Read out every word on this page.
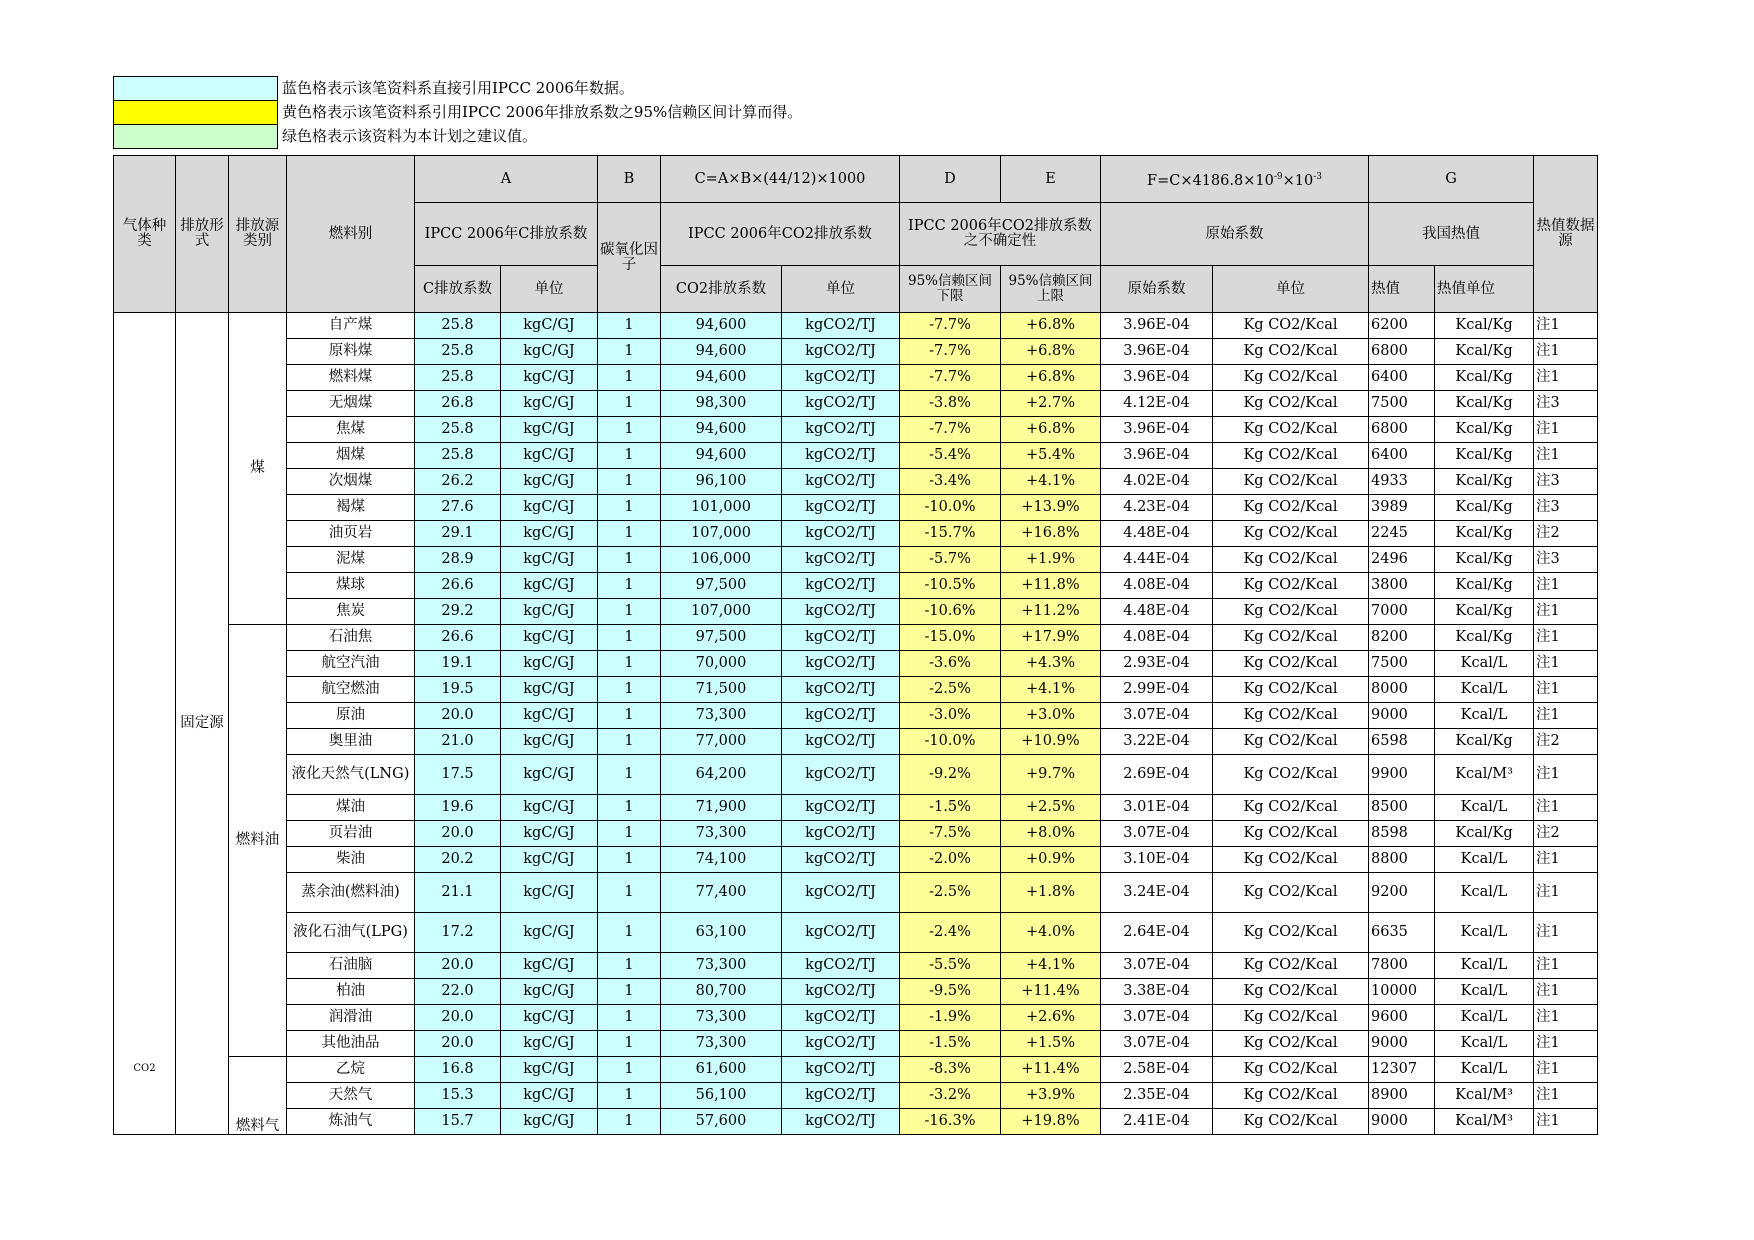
	蓝色格表示该笔资料系直接引用IPCC 2006年数据。
	黄色格表示该笔资料系引用IPCC 2006年排放系数之95%信赖区间计算而得。
	绿色格表示该资料为本计划之建议值。
气体种类	排放形式	排放源类别	燃料别	A		B	C=A×B×(44/12)×1000		D	E	$F=C\times 4186.8\times 10^{-9}\times 10^{-3}$		G		热值数据源
				IPCC 2006年C排放系数		碳氧化因子	IPCC 2006年CO2排放系数		IPCC 2006年CO2排放系数之不确定性		原始系数		我国热值		
				C排放系数	单位		CO2排放系数	单位	95%信赖区间下限	95%信赖区间上限	原始系数	单位	热值	热值单位	
CO2	固定源	煤	自产煤	25.8	kgC/GJ	1	94,600	kgCO2/TJ	-7.7%	+6.8%	3.96E-04	Kg CO2/Kcal	6200	Kcal/Kg	注1
			原料煤	25.8	kgC/GJ	1	94,600	kgCO2/TJ	-7.7%	+6.8%	3.96E-04	Kg CO2/Kcal	6800	Kcal/Kg	注1
			燃料煤	25.8	kgC/GJ	1	94,600	kgCO2/TJ	-7.7%	+6.8%	3.96E-04	Kg CO2/Kcal	6400	Kcal/Kg	注1
			无烟煤	26.8	kgC/GJ	1	98,300	kgCO2/TJ	-3.8%	+2.7%	4.12E-04	Kg CO2/Kcal	7500	Kcal/Kg	注3
			焦煤	25.8	kgC/GJ	1	94,600	kgCO2/TJ	-7.7%	+6.8%	3.96E-04	Kg CO2/Kcal	6800	Kcal/Kg	注1
			烟煤	25.8	kgC/GJ	1	94,600	kgCO2/TJ	-5.4%	+5.4%	3.96E-04	Kg CO2/Kcal	6400	Kcal/Kg	注1
			次烟煤	26.2	kgC/GJ	1	96,100	kgCO2/TJ	-3.4%	+4.1%	4.02E-04	Kg CO2/Kcal	4933	Kcal/Kg	注3
			褐煤	27.6	kgC/GJ	1	101,000	kgCO2/TJ	-10.0%	+13.9%	4.23E-04	Kg CO2/Kcal	3989	Kcal/Kg	注3
			油页岩	29.1	kgC/GJ	1	107,000	kgCO2/TJ	-15.7%	+16.8%	4.48E-04	Kg CO2/Kcal	2245	Kcal/Kg	注2
			泥煤	28.9	kgC/GJ	1	106,000	kgCO2/TJ	-5.7%	+1.9%	4.44E-04	Kg CO2/Kcal	2496	Kcal/Kg	注3
			煤球	26.6	kgC/GJ	1	97,500	kgCO2/TJ	-10.5%	+11.8%	4.08E-04	Kg CO2/Kcal	3800	Kcal/Kg	注1
			焦炭	29.2	kgC/GJ	1	107,000	kgCO2/TJ	-10.6%	+11.2%	4.48E-04	Kg CO2/Kcal	7000	Kcal/Kg	注1
		燃料油	石油焦	26.6	kgC/GJ	1	97,500	kgCO2/TJ	-15.0%	+17.9%	4.08E-04	Kg CO2/Kcal	8200	Kcal/Kg	注1
			航空汽油	19.1	kgC/GJ	1	70,000	kgCO2/TJ	-3.6%	+4.3%	2.93E-04	Kg CO2/Kcal	7500	Kcal/L	注1
			航空燃油	19.5	kgC/GJ	1	71,500	kgCO2/TJ	-2.5%	+4.1%	2.99E-04	Kg CO2/Kcal	8000	Kcal/L	注1
			原油	20.0	kgC/GJ	1	73,300	kgCO2/TJ	-3.0%	+3.0%	3.07E-04	Kg CO2/Kcal	9000	Kcal/L	注1
			奥里油	21.0	kgC/GJ	1	77,000	kgCO2/TJ	-10.0%	+10.9%	3.22E-04	Kg CO2/Kcal	6598	Kcal/Kg	注2
			液化天然气(LNG)	17.5	kgC/GJ	1	64,200	kgCO2/TJ	-9.2%	+9.7%	2.69E-04	Kg CO2/Kcal	9900	Kcal/M³	注1
			煤油	19.6	kgC/GJ	1	71,900	kgCO2/TJ	-1.5%	+2.5%	3.01E-04	Kg CO2/Kcal	8500	Kcal/L	注1
			页岩油	20.0	kgC/GJ	1	73,300	kgCO2/TJ	-7.5%	+8.0%	3.07E-04	Kg CO2/Kcal	8598	Kcal/Kg	注2
			柴油	20.2	kgC/GJ	1	74,100	kgCO2/TJ	-2.0%	+0.9%	3.10E-04	Kg CO2/Kcal	8800	Kcal/L	注1
			蒸余油(燃料油)	21.1	kgC/GJ	1	77,400	kgCO2/TJ	-2.5%	+1.8%	3.24E-04	Kg CO2/Kcal	9200	Kcal/L	注1
			液化石油气(LPG)	17.2	kgC/GJ	1	63,100	kgCO2/TJ	-2.4%	+4.0%	2.64E-04	Kg CO2/Kcal	6635	Kcal/L	注1
			石油脑	20.0	kgC/GJ	1	73,300	kgCO2/TJ	-5.5%	+4.1%	3.07E-04	Kg CO2/Kcal	7800	Kcal/L	注1
			柏油	22.0	kgC/GJ	1	80,700	kgCO2/TJ	-9.5%	+11.4%	3.38E-04	Kg CO2/Kcal	10000	Kcal/L	注1
			润滑油	20.0	kgC/GJ	1	73,300	kgCO2/TJ	-1.9%	+2.6%	3.07E-04	Kg CO2/Kcal	9600	Kcal/L	注1
			其他油品	20.0	kgC/GJ	1	73,300	kgCO2/TJ	-1.5%	+1.5%	3.07E-04	Kg CO2/Kcal	9000	Kcal/L	注1
		燃料气	乙烷	16.8	kgC/GJ	1	61,600	kgCO2/TJ	-8.3%	+11.4%	2.58E-04	Kg CO2/Kcal	12307	Kcal/L	注1
			天然气	15.3	kgC/GJ	1	56,100	kgCO2/TJ	-3.2%	+3.9%	2.35E-04	Kg CO2/Kcal	8900	Kcal/M³	注1
			炼油气	15.7	kgC/GJ	1	57,600	kgCO2/TJ	-16.3%	+19.8%	2.41E-04	Kg CO2/Kcal	9000	Kcal/M³	注1
